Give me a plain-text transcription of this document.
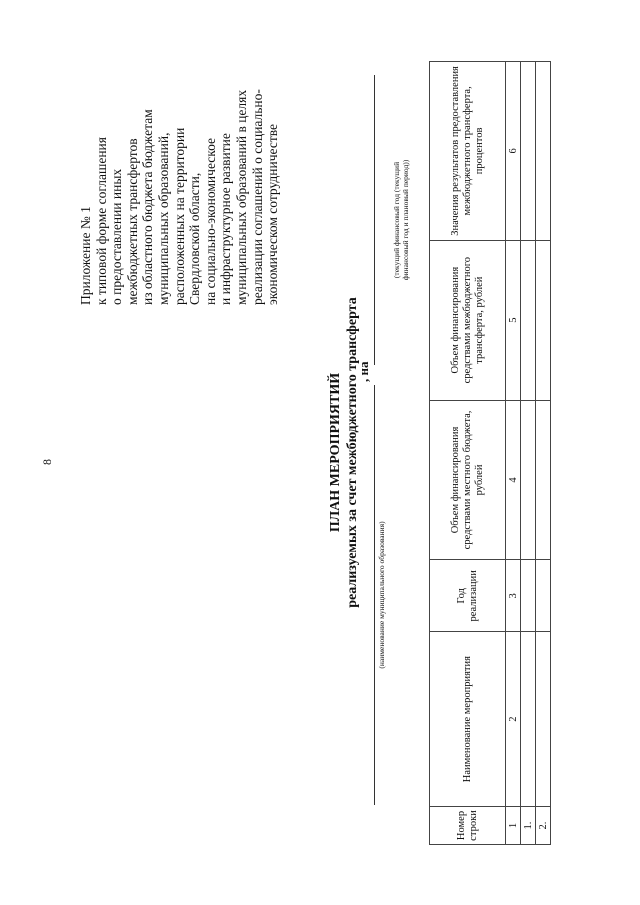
8
Приложение № 1 к типовой форме соглашения о предоставлении иных межбюджетных трансфертов из областного бюджета бюджетам муниципальных образований, расположенных на территории Свердловской области, на социально-экономическое и инфраструктурное развитие муниципальных образований в целях реализации соглашений о социально- экономическом сотрудничестве
ПЛАН МЕРОПРИЯТИЙ реализуемых за счет межбюджетного трансферта (наименование муниципального образования)
, на
(текущий финансовый год (текущий финансовый год и плановый период))
Номер строки	Наименование мероприятия	Год реализации	Объем финансирования средствами местного бюджета, рублей	Объем финансирования средствами межбюджетного трансферта, рублей	Значения результатов предоставления межбюджетного трансферта, процентов
1	2	3	4	5	6
1.					
2.					
